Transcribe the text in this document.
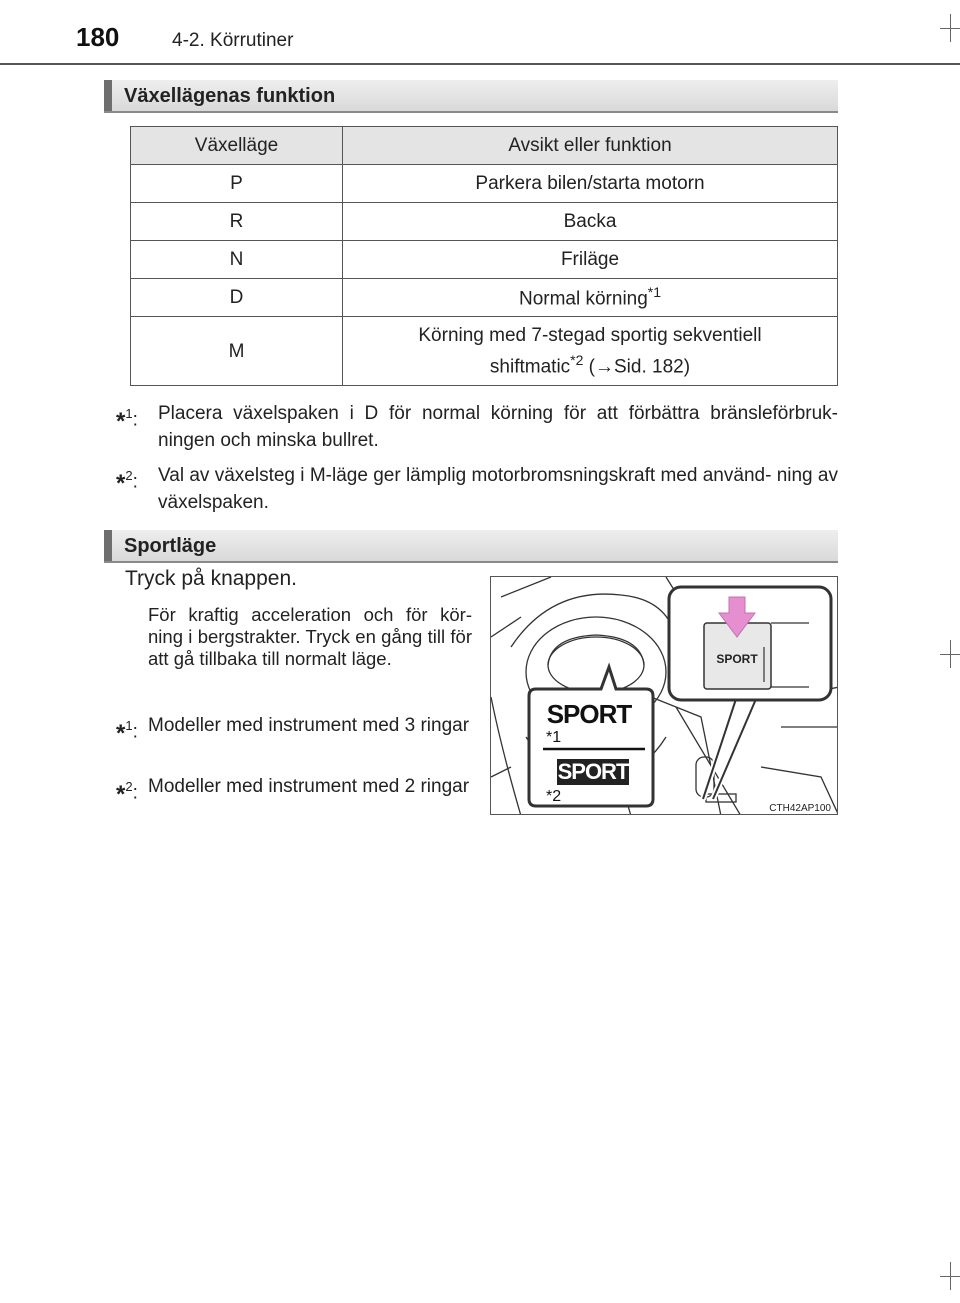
180	4-2. Körrutiner
Växellägenas funktion
Växelläge	Avsikt eller funktion
P	Parkera bilen/starta motorn
R	Backa
N	Friläge
D	Normal körning$^{*1}$
M	Körning med 7-stegad sportig sekventiell
shiftmatic$^{*2}$ (→Sid. 182)
*$^1$: Placera växelspaken i D för normal körning för att förbättra bränsleförbruk- ningen och minska bullret.
*$^2$: Val av växelsteg i M-läge ger lämplig motorbromsningskraft med använd- ning av växelspaken.
Sportläge
Tryck på knappen.
För kraftig acceleration och för kör- ning i bergstrakter. Tryck en gång till för att gå tillbaka till normalt läge.
*$^1$: Modeller med instrument med 3 ringar
*$^2$: Modeller med instrument med 2 ringar
SPORT
*1
SPORT
*2
SPORT
CTH42AP100
